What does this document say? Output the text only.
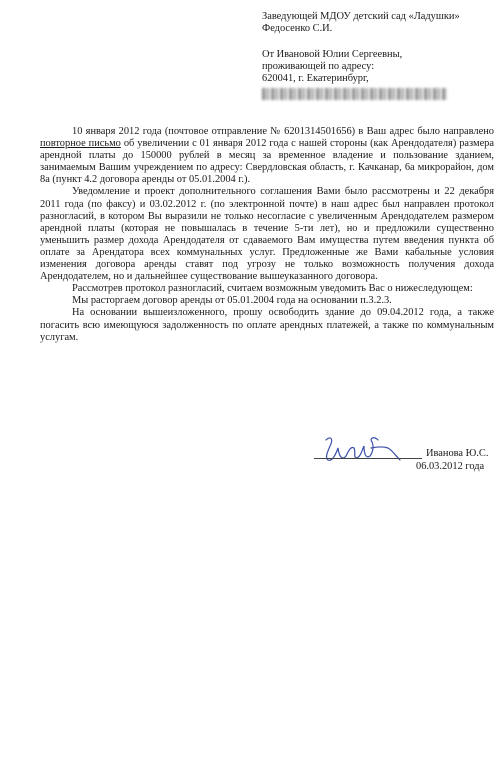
Заведующей МДОУ детский сад «Ладушки»
Федосенко С.И.
От Ивановой Юлии Сергеевны,
проживающей по адресу:
620041, г. Екатеринбург,

10 января 2012 года (почтовое отправление № 6201314501656) в Ваш адрес было направлено повторное письмо об увеличении с 01 января 2012 года с нашей стороны (как Арендодателя) размера арендной платы до 150000 рублей в месяц за временное владение и пользование зданием, занимаемым Вашим учреждением по адресу: Свердловская область, г. Качканар, 6а микрорайон, дом 8а (пункт 4.2 договора аренды от 05.01.2004 г.).

Уведомление и проект дополнительного соглашения Вами было рассмотрены и 22 декабря 2011 года (по факсу) и 03.02.2012 г. (по электронной почте) в наш адрес был направлен протокол разногласий, в котором Вы выразили не только несогласие с увеличенным Арендодателем размером арендной платы (которая не повышалась в течение 5-ти лет), но и предложили существенно уменьшить размер дохода Арендодателя от сдаваемого Вам имущества путем введения пункта об оплате за Арендатора всех коммунальных услуг. Предложенные же Вами кабальные условия изменения договора аренды ставят под угрозу не только возможность получения дохода Арендодателем, но и дальнейшее существование вышеуказанного договора.

Рассмотрев протокол разногласий, считаем возможным уведомить Вас о нижеследующем:

Мы расторгаем договор аренды от 05.01.2004 года на основании п.3.2.3.

На основании вышеизложенного, прошу освободить здание до 09.04.2012 года, а также погасить всю имеющуюся задолженность по оплате арендных платежей, а также по коммунальным услугам.

Иванова Ю.С.
06.03.2012 года
